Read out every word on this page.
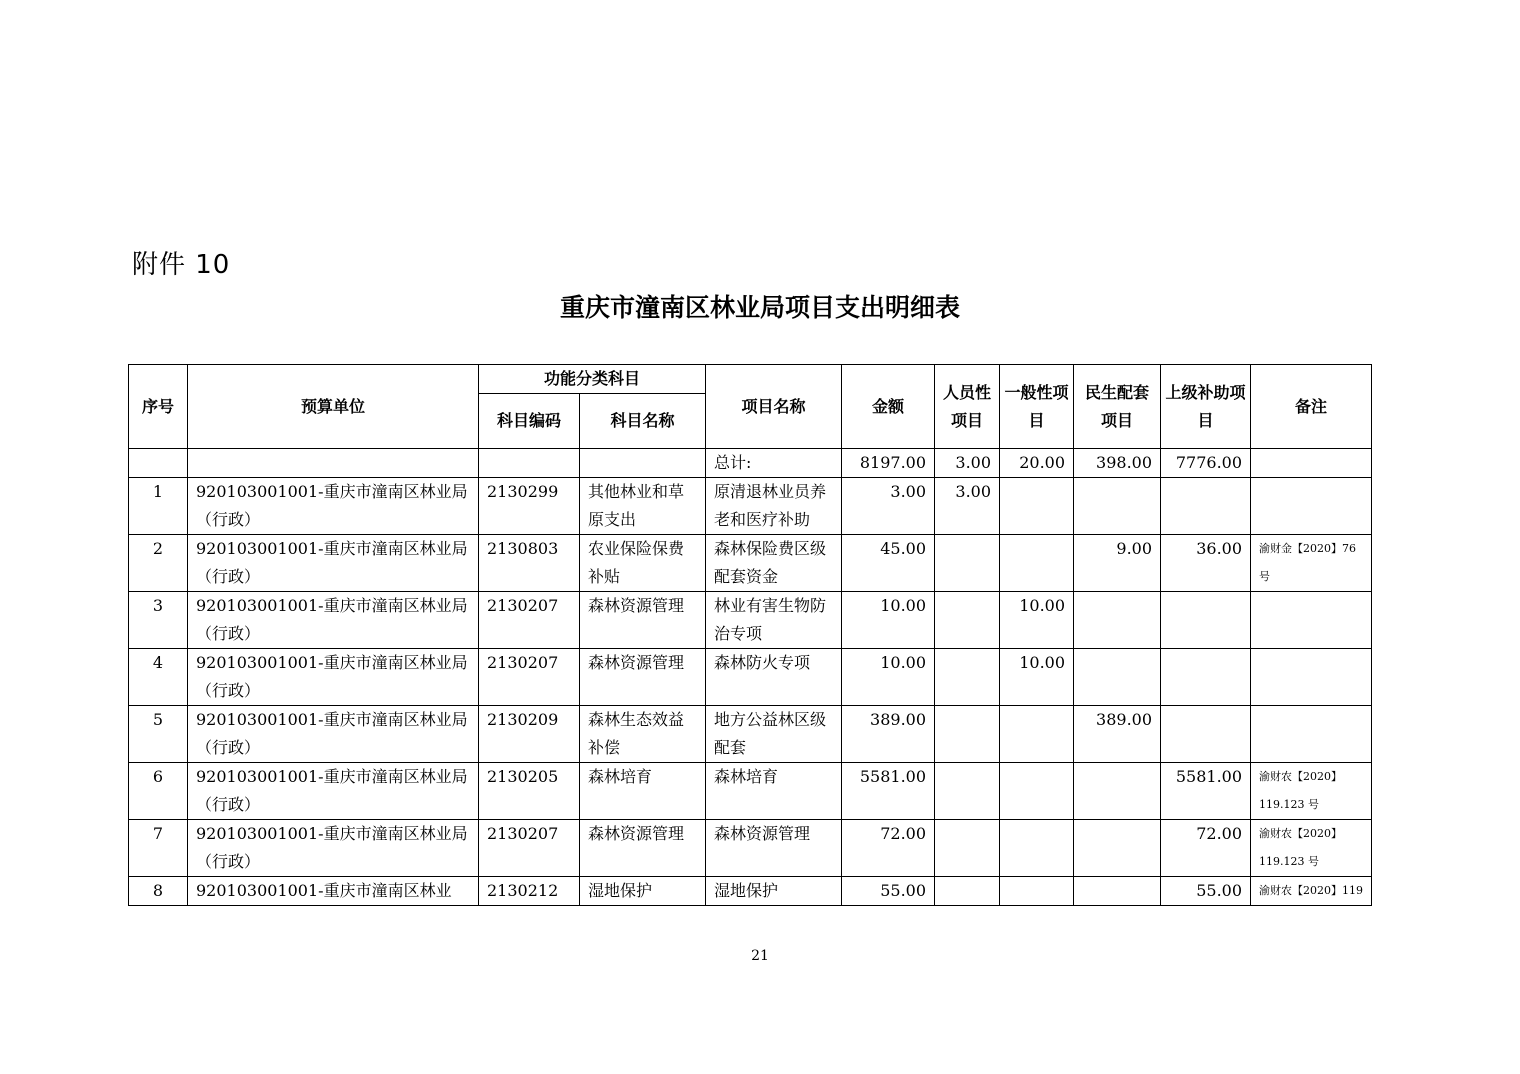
附件 10
重庆市潼南区林业局项目支出明细表
序号	预算单位	功能分类科目		项目名称	金额	人员性项目	一般性项目	民生配套项目	上级补助项目	备注
		科目编码	科目名称							
				总计:	8197.00	3.00	20.00	398.00	7776.00	
1	920103001001-重庆市潼南区林业局（行政）	2130299	其他林业和草原支出	原清退林业员养老和医疗补助	3.00	3.00				
2	920103001001-重庆市潼南区林业局（行政）	2130803	农业保险保费补贴	森林保险费区级配套资金	45.00			9.00	36.00	渝财金【2020】76号
3	920103001001-重庆市潼南区林业局（行政）	2130207	森林资源管理	林业有害生物防治专项	10.00		10.00			
4	920103001001-重庆市潼南区林业局（行政）	2130207	森林资源管理	森林防火专项	10.00		10.00			
5	920103001001-重庆市潼南区林业局（行政）	2130209	森林生态效益补偿	地方公益林区级配套	389.00			389.00		
6	920103001001-重庆市潼南区林业局（行政）	2130205	森林培育	森林培育	5581.00				5581.00	渝财农【2020】119.123 号
7	920103001001-重庆市潼南区林业局（行政）	2130207	森林资源管理	森林资源管理	72.00				72.00	渝财农【2020】119.123 号
8	920103001001-重庆市潼南区林业	2130212	湿地保护	湿地保护	55.00				55.00	渝财农【2020】119
21
